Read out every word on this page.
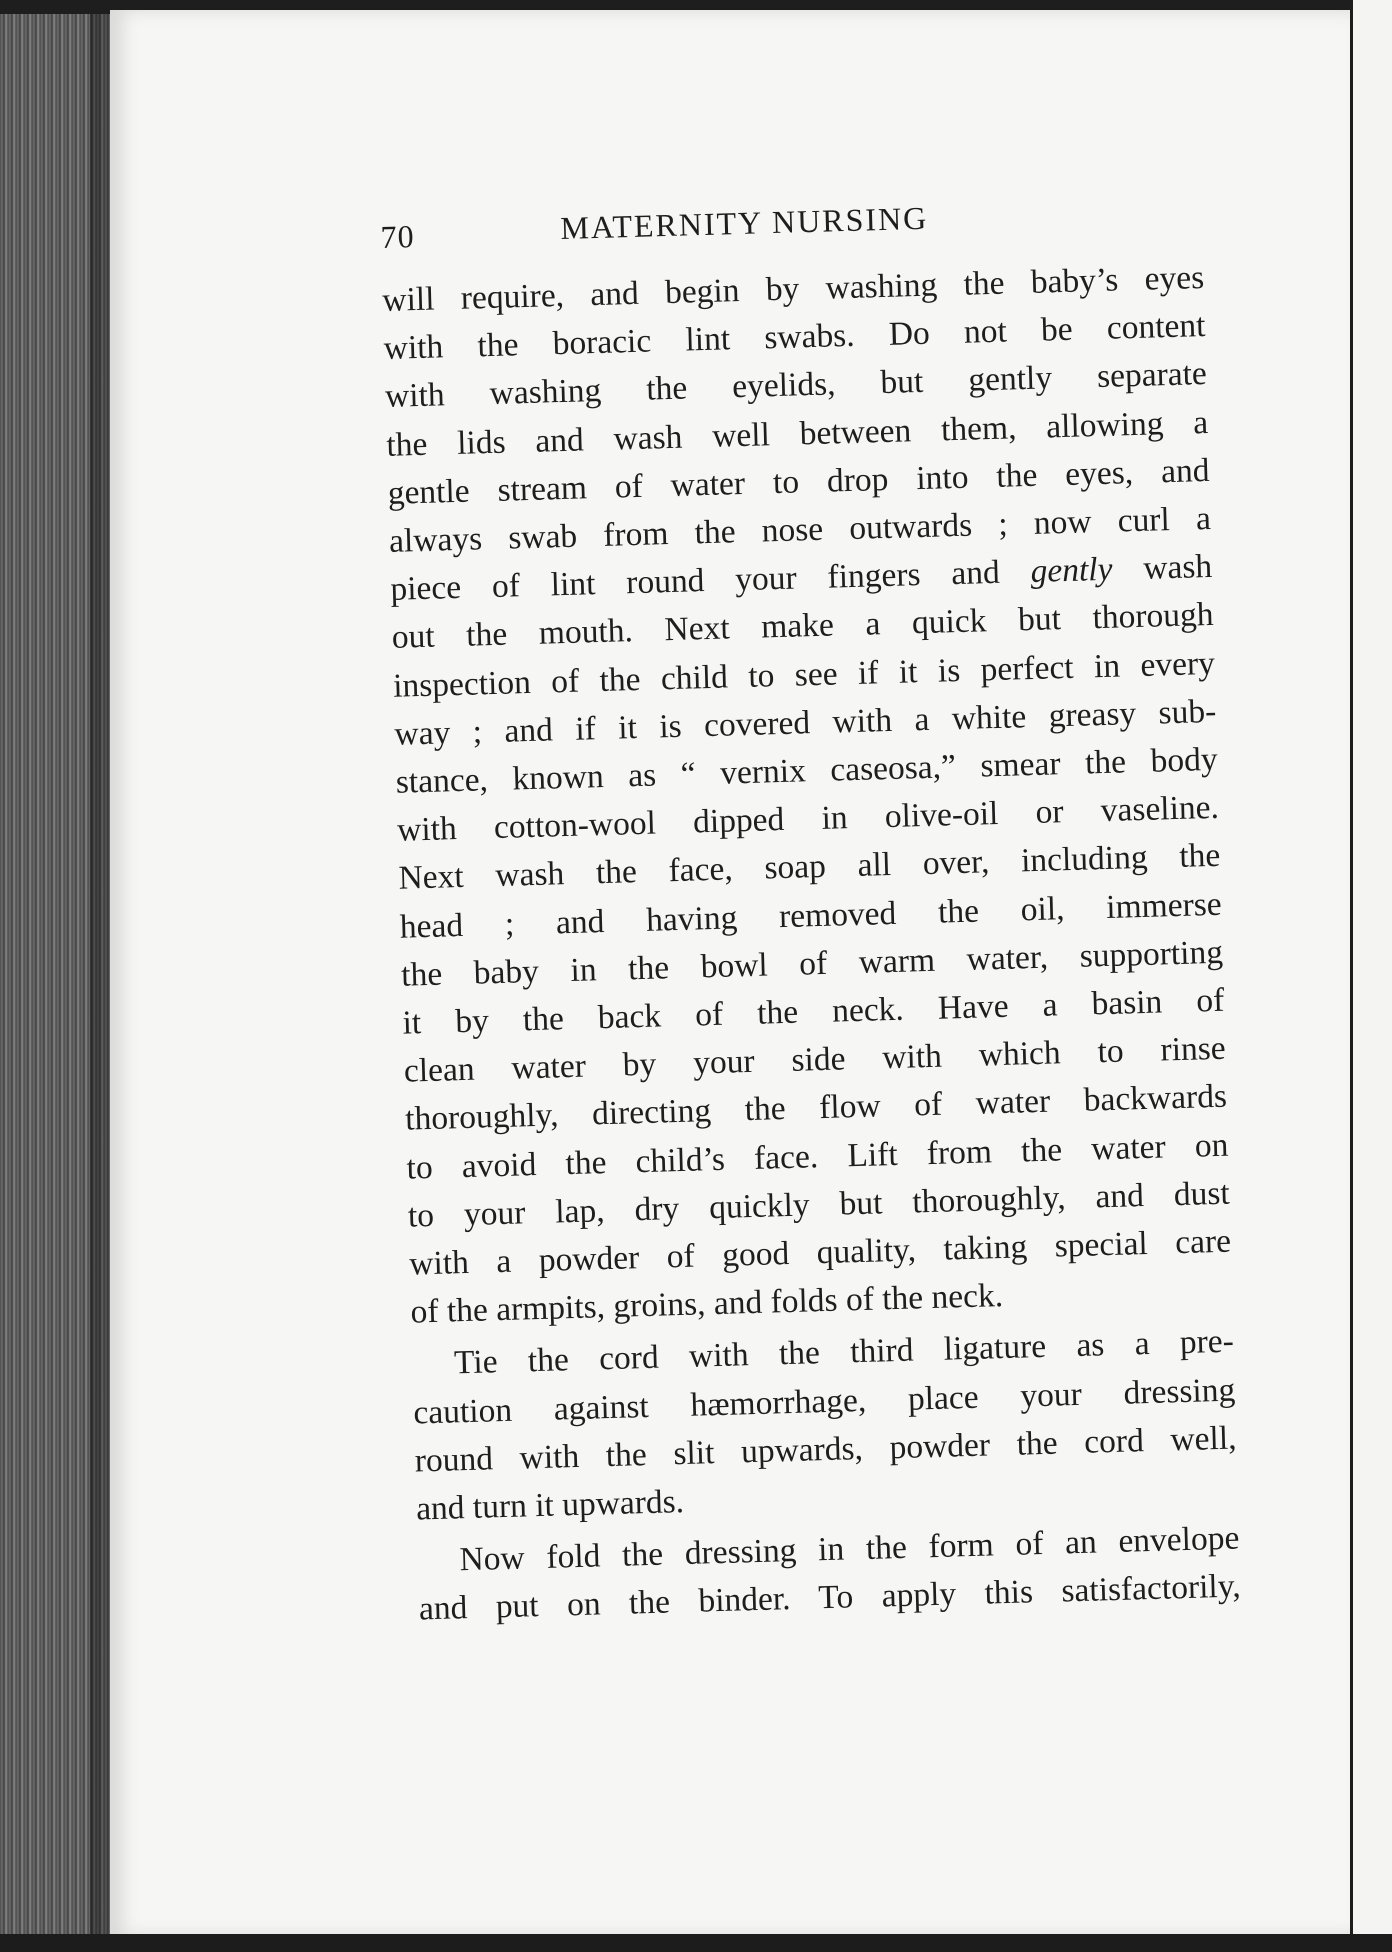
70	MATERNITY NURSING

will require, and begin by washing the baby’s eyes
with the boracic lint swabs. Do not be content
with washing the eyelids, but gently separate
the lids and wash well between them, allowing a
gentle stream of water to drop into the eyes, and
always swab from the nose outwards ; now curl a
piece of lint round your fingers and gently wash
out the mouth. Next make a quick but thorough
inspection of the child to see if it is perfect in every
way ; and if it is covered with a white greasy sub-
stance, known as “ vernix caseosa,” smear the body
with cotton-wool dipped in olive-oil or vaseline.
Next wash the face, soap all over, including the
head ; and having removed the oil, immerse
the baby in the bowl of warm water, supporting
it by the back of the neck. Have a basin of
clean water by your side with which to rinse
thoroughly, directing the flow of water backwards
to avoid the child’s face. Lift from the water on
to your lap, dry quickly but thoroughly, and dust
with a powder of good quality, taking special care
of the armpits, groins, and folds of the neck.

Tie the cord with the third ligature as a pre-
caution against hæmorrhage, place your dressing
round with the slit upwards, powder the cord well,
and turn it upwards.

Now fold the dressing in the form of an envelope
and put on the binder. To apply this satisfactorily,
